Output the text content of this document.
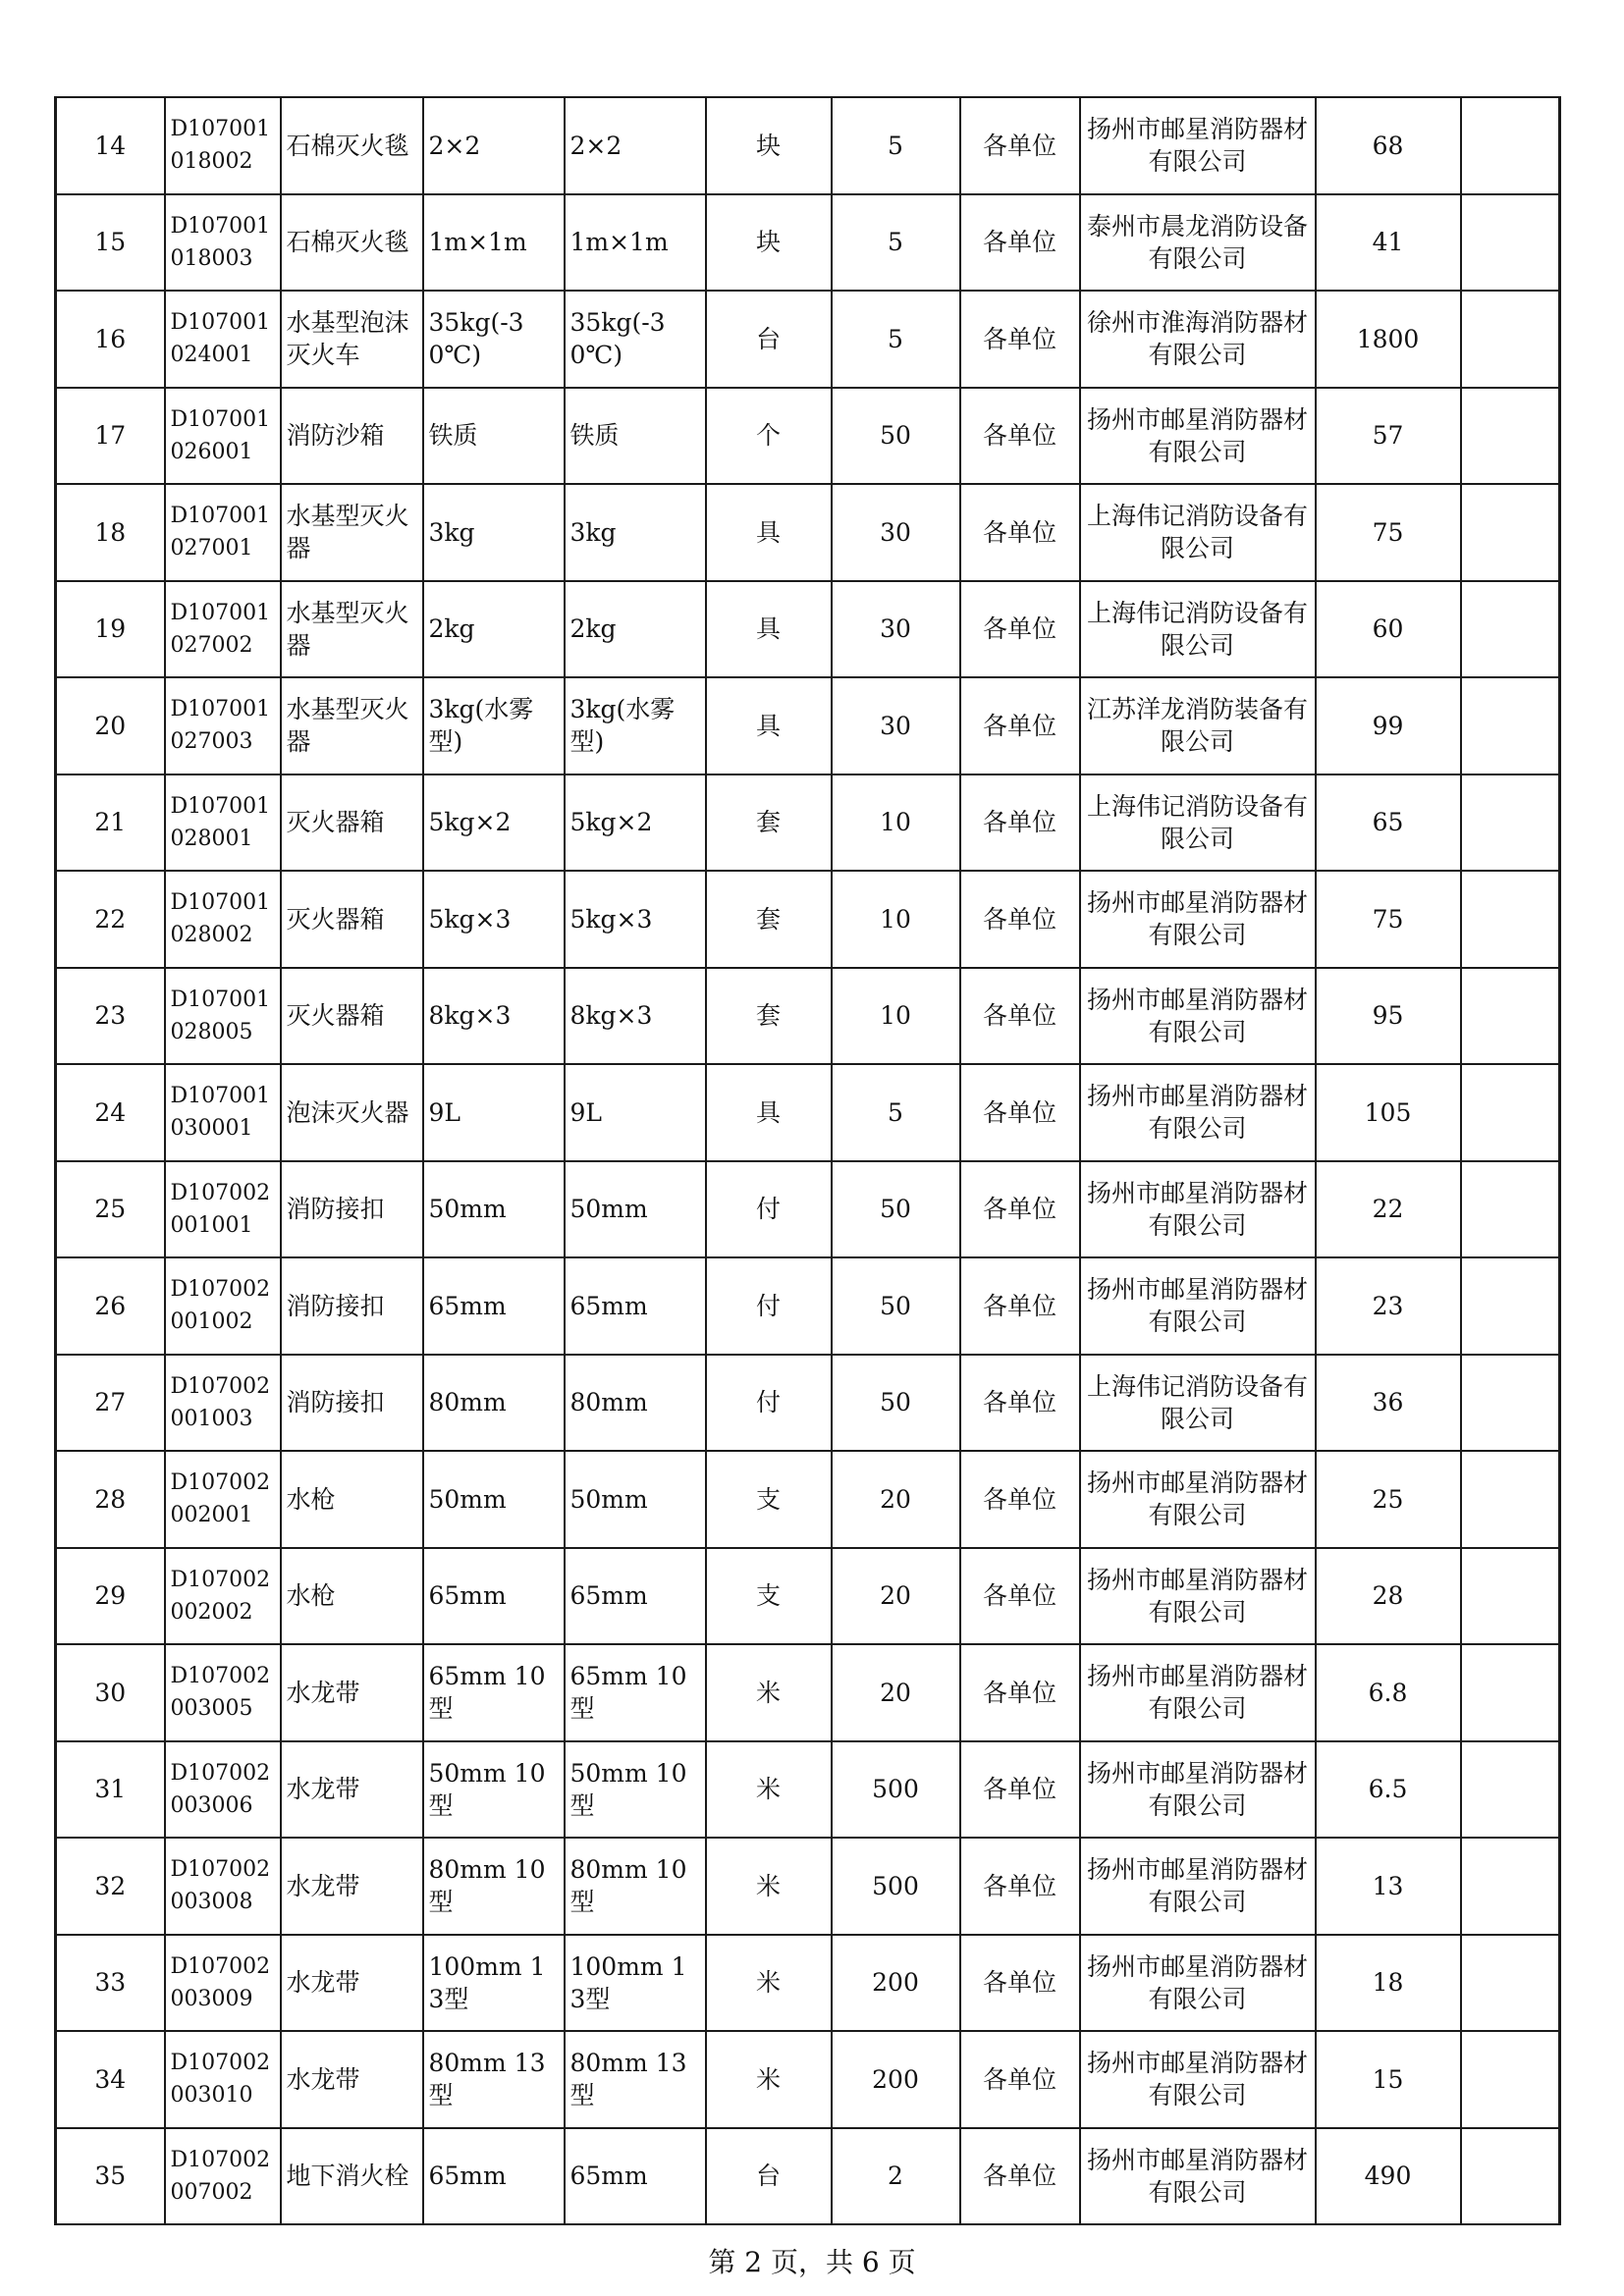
14	D107001018002	石棉灭火毯	2×2	2×2	块	5	各单位	扬州市邮星消防器材有限公司	68	
15	D107001018003	石棉灭火毯	1m×1m	1m×1m	块	5	各单位	泰州市晨龙消防设备有限公司	41	
16	D107001024001	水基型泡沫灭火车	35kg(-30℃)	35kg(-30℃)	台	5	各单位	徐州市淮海消防器材有限公司	1800	
17	D107001026001	消防沙箱	铁质	铁质	个	50	各单位	扬州市邮星消防器材有限公司	57	
18	D107001027001	水基型灭火器	3kg	3kg	具	30	各单位	上海伟记消防设备有限公司	75	
19	D107001027002	水基型灭火器	2kg	2kg	具	30	各单位	上海伟记消防设备有限公司	60	
20	D107001027003	水基型灭火器	3kg(水雾型)	3kg(水雾型)	具	30	各单位	江苏洋龙消防装备有限公司	99	
21	D107001028001	灭火器箱	5kg×2	5kg×2	套	10	各单位	上海伟记消防设备有限公司	65	
22	D107001028002	灭火器箱	5kg×3	5kg×3	套	10	各单位	扬州市邮星消防器材有限公司	75	
23	D107001028005	灭火器箱	8kg×3	8kg×3	套	10	各单位	扬州市邮星消防器材有限公司	95	
24	D107001030001	泡沫灭火器	9L	9L	具	5	各单位	扬州市邮星消防器材有限公司	105	
25	D107002001001	消防接扣	50mm	50mm	付	50	各单位	扬州市邮星消防器材有限公司	22	
26	D107002001002	消防接扣	65mm	65mm	付	50	各单位	扬州市邮星消防器材有限公司	23	
27	D107002001003	消防接扣	80mm	80mm	付	50	各单位	上海伟记消防设备有限公司	36	
28	D107002002001	水枪	50mm	50mm	支	20	各单位	扬州市邮星消防器材有限公司	25	
29	D107002002002	水枪	65mm	65mm	支	20	各单位	扬州市邮星消防器材有限公司	28	
30	D107002003005	水龙带	65mm 10型	65mm 10型	米	20	各单位	扬州市邮星消防器材有限公司	6.8	
31	D107002003006	水龙带	50mm 10型	50mm 10型	米	500	各单位	扬州市邮星消防器材有限公司	6.5	
32	D107002003008	水龙带	80mm 10型	80mm 10型	米	500	各单位	扬州市邮星消防器材有限公司	13	
33	D107002003009	水龙带	100mm 13型	100mm 13型	米	200	各单位	扬州市邮星消防器材有限公司	18	
34	D107002003010	水龙带	80mm 13型	80mm 13型	米	200	各单位	扬州市邮星消防器材有限公司	15	
35	D107002007002	地下消火栓	65mm	65mm	台	2	各单位	扬州市邮星消防器材有限公司	490	
第 2 页，共 6 页
